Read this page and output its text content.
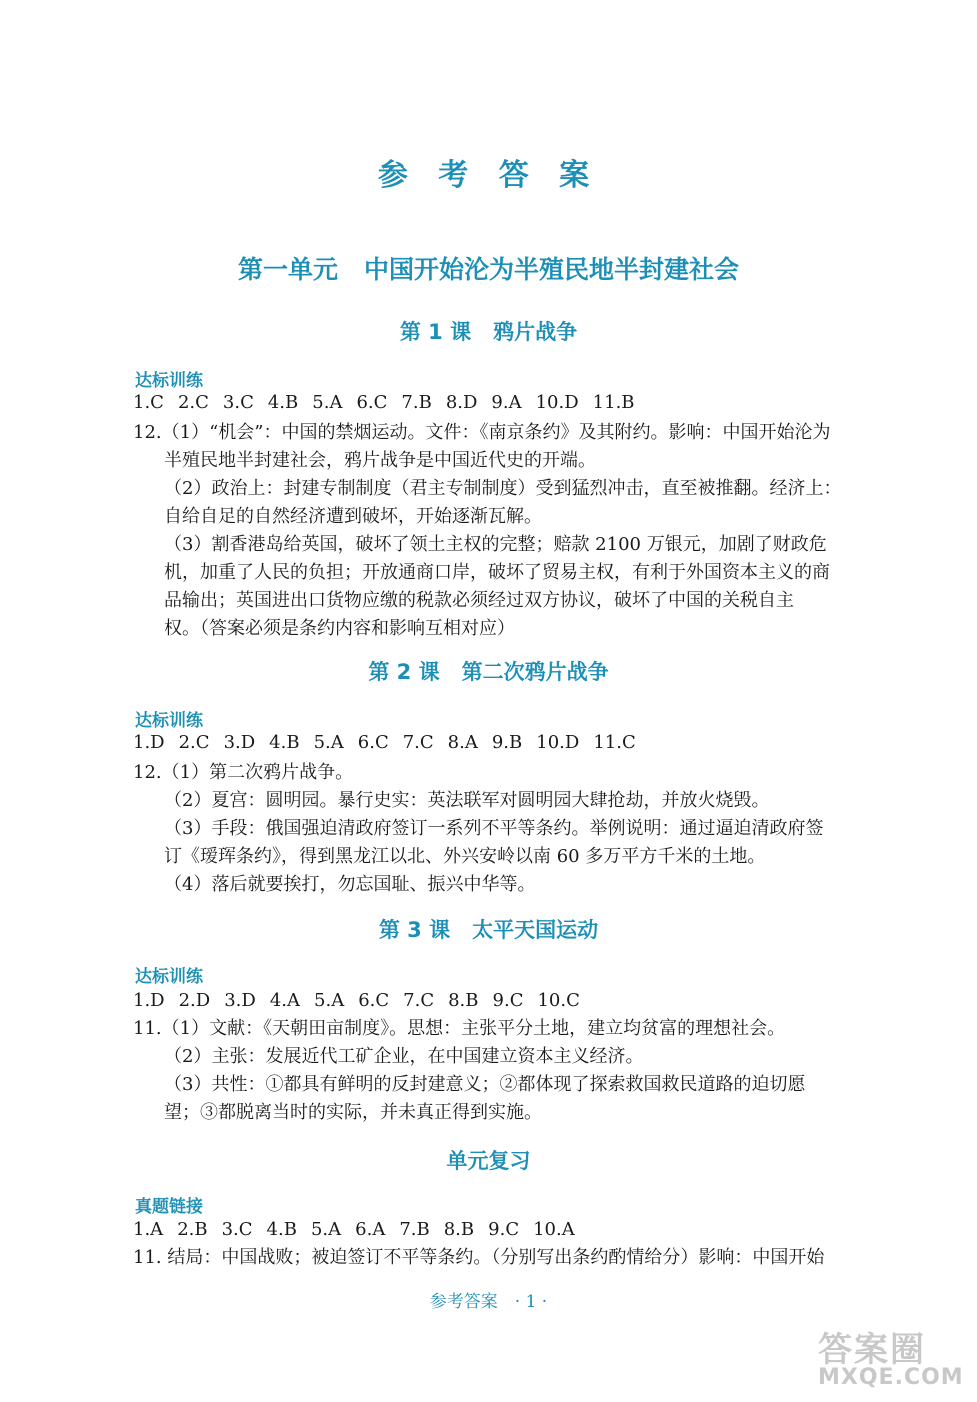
参 考 答 案
第一单元 中国开始沦为半殖民地半封建社会
第 1 课 鸦片战争
达标训练
1.C 2.C 3.C 4.B 5.A 6.C 7.B 8.D 9.A 10.D 11.B
12.（1）“机会”：中国的禁烟运动。文件：《南京条约》及其附约。影响：中国开始沦为
半殖民地半封建社会，鸦片战争是中国近代史的开端。
（2）政治上：封建专制制度（君主专制制度）受到猛烈冲击，直至被推翻。经济上：
自给自足的自然经济遭到破坏，开始逐渐瓦解。
（3）割香港岛给英国，破坏了领土主权的完整；赔款 2100 万银元，加剧了财政危
机，加重了人民的负担；开放通商口岸，破坏了贸易主权，有利于外国资本主义的商
品输出；英国进出口货物应缴的税款必须经过双方协议，破坏了中国的关税自主
权。（答案必须是条约内容和影响互相对应）
第 2 课 第二次鸦片战争
达标训练
1.D 2.C 3.D 4.B 5.A 6.C 7.C 8.A 9.B 10.D 11.C
12.（1）第二次鸦片战争。
（2）夏宫：圆明园。暴行史实：英法联军对圆明园大肆抢劫，并放火烧毁。
（3）手段：俄国强迫清政府签订一系列不平等条约。举例说明：通过逼迫清政府签
订《瑷珲条约》，得到黑龙江以北、外兴安岭以南 60 多万平方千米的土地。
（4）落后就要挨打，勿忘国耻、振兴中华等。
第 3 课 太平天国运动
达标训练
1.D 2.D 3.D 4.A 5.A 6.C 7.C 8.B 9.C 10.C
11.（1）文献：《天朝田亩制度》。思想：主张平分土地，建立均贫富的理想社会。
（2）主张：发展近代工矿企业，在中国建立资本主义经济。
（3）共性：①都具有鲜明的反封建意义；②都体现了探索救国救民道路的迫切愿
望；③都脱离当时的实际，并未真正得到实施。
单元复习
真题链接
1.A 2.B 3.C 4.B 5.A 6.A 7.B 8.B 9.C 10.A
11. 结局：中国战败；被迫签订不平等条约。（分别写出条约酌情给分）影响：中国开始
参考答案　· 1 ·
答案圈
MXQE.COM
